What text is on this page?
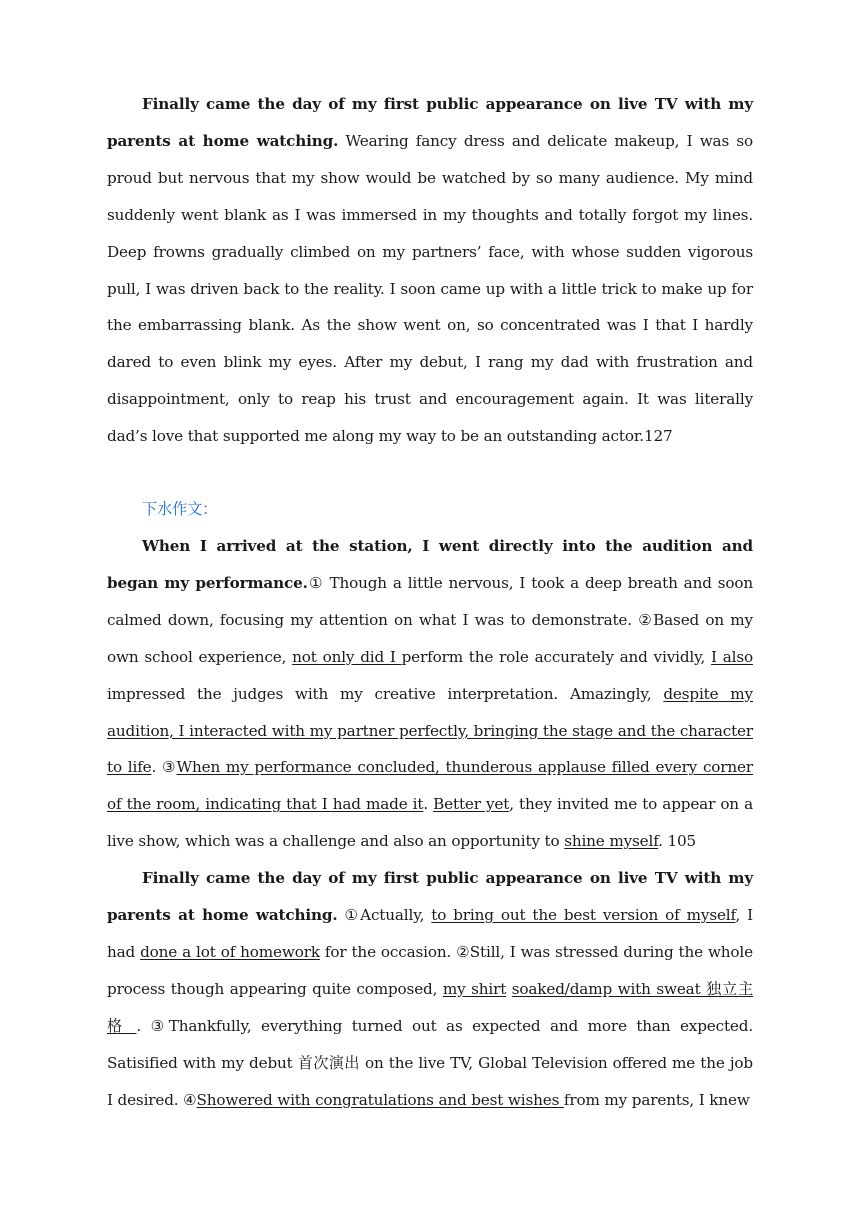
Finally came the day of my first public appearance on live TV with my parents at home watching. Wearing fancy dress and delicate makeup, I was so proud but nervous that my show would be watched by so many audience. My mind suddenly went blank as I was immersed in my thoughts and totally forgot my lines. Deep frowns gradually climbed on my partners’ face, with whose sudden vigorous pull, I was driven back to the reality. I soon came up with a little trick to make up for the embarrassing blank. As the show went on, so concentrated was I that I hardly dared to even blink my eyes. After my debut, I rang my dad with frustration and disappointment, only to reap his trust and encouragement again. It was literally dad’s love that supported me along my way to be an outstanding actor.127

下水作文：

When I arrived at the station, I went directly into the audition and began my performance.① Though a little nervous, I took a deep breath and soon calmed down, focusing my attention on what I was to demonstrate. ②Based on my own school experience, not only did I perform the role accurately and vividly, I also impressed the judges with my creative interpretation. Amazingly, despite my audition, I interacted with my partner perfectly, bringing the stage and the character to life. ③When my performance concluded, thunderous applause filled every corner of the room, indicating that I had made it. Better yet, they invited me to appear on a live show, which was a challenge and also an opportunity to shine myself. 105

Finally came the day of my first public appearance on live TV with my parents at home watching. ①Actually, to bring out the best version of myself, I had done a lot of homework for the occasion. ②Still, I was stressed during the whole process though appearing quite composed, my shirt soaked/damp with sweat 独立主格 . ③Thankfully, everything turned out as expected and more than expected. Satisified with my debut 首次演出 on the live TV, Global Television offered me the job I desired. ④Showered with congratulations and best wishes from my parents, I knew
